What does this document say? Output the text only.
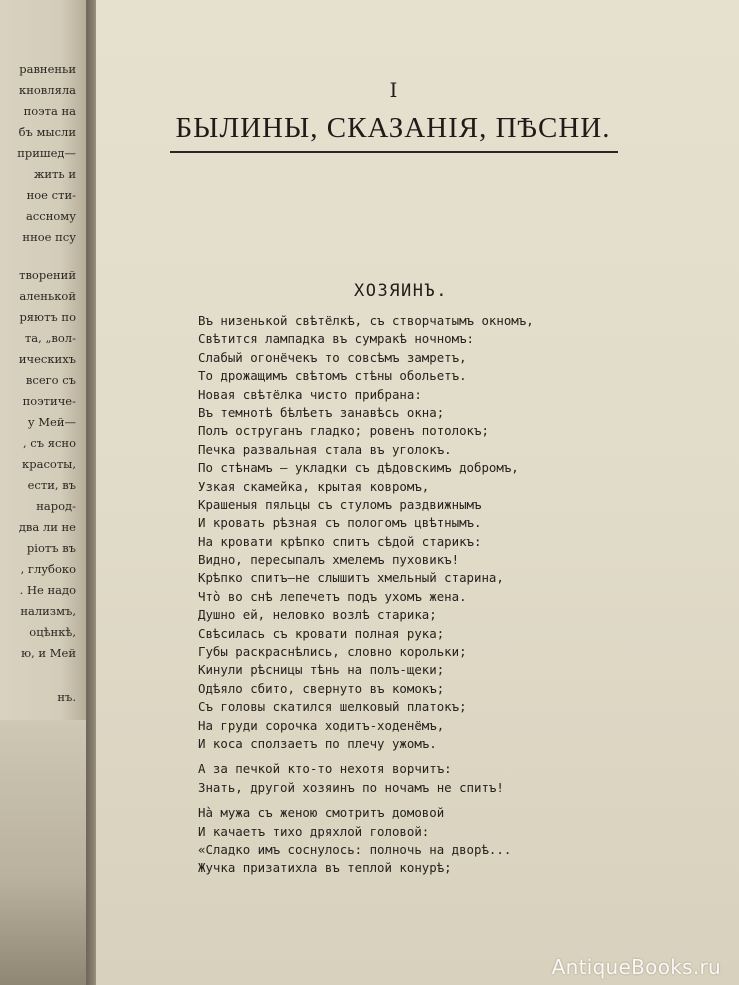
равненьи
кновляла
поэта на
бъ мысли
пришед—
жить и
ное сти-
ассному
нное псу
творений
аленькой
ряютъ по
та, „вол-
ическихъ
всего съ
поэтиче-
у Мей—
, съ ясно
красоты,
ести, въ
народ-
два ли не
ріотъ въ
, глубоко
. Не надо
нализмъ,
оцѣнкѣ,
ю, и Мей
нъ.
I
БЫЛИНЫ, СКАЗАНІЯ, ПѢСНИ.
ХОЗЯИНЪ.
Въ низенькой свѣтёлкѣ, съ створчатымъ окномъ,
Свѣтится лампадка въ сумракѣ ночномъ:
Слабый огонёчекъ то совсѣмъ замретъ,
То дрожащимъ свѣтомъ стѣны обольетъ.
Новая свѣтёлка чисто прибрана:
Въ темнотѣ бѣлѣетъ занавѣсь окна;
Полъ оструганъ гладко; ровенъ потолокъ;
Печка развальная стала въ уголокъ.
По стѣнамъ — укладки съ дѣдовскимъ добромъ,
Узкая скамейка, крытая ковромъ,
Крашеныя пяльцы съ стуломъ раздвижнымъ
И кровать рѣзная съ пологомъ цвѣтнымъ.
На кровати крѣпко спитъ сѣдой старикъ:
Видно, пересыпалъ хмелемъ пуховикъ!
Крѣпко спитъ—не слышитъ хмельный старина,
Чтò во снѣ лепечетъ подъ ухомъ жена.
Душно ей, неловко возлѣ старика;
Свѣсилась съ кровати полная рука;
Губы раскраснѣлись, словно корольки;
Кинули рѣсницы тѣнь на полъ-щеки;
Одѣяло сбито, свернуто въ комокъ;
Съ головы скатился шелковый платокъ;
На груди сорочка ходитъ-ходенёмъ,
И коса сползаетъ по плечу ужомъ.
А за печкой кто-то нехотя ворчитъ:
Знать, другой хозяинъ по ночамъ не спитъ!
Нà мужа съ женою смотритъ домовой
И качаетъ тихо дряхлой головой:
«Сладко имъ соснулось: полночь на дворѣ...
Жучка призатихла въ теплой конурѣ;
AntiqueBooks.ru
